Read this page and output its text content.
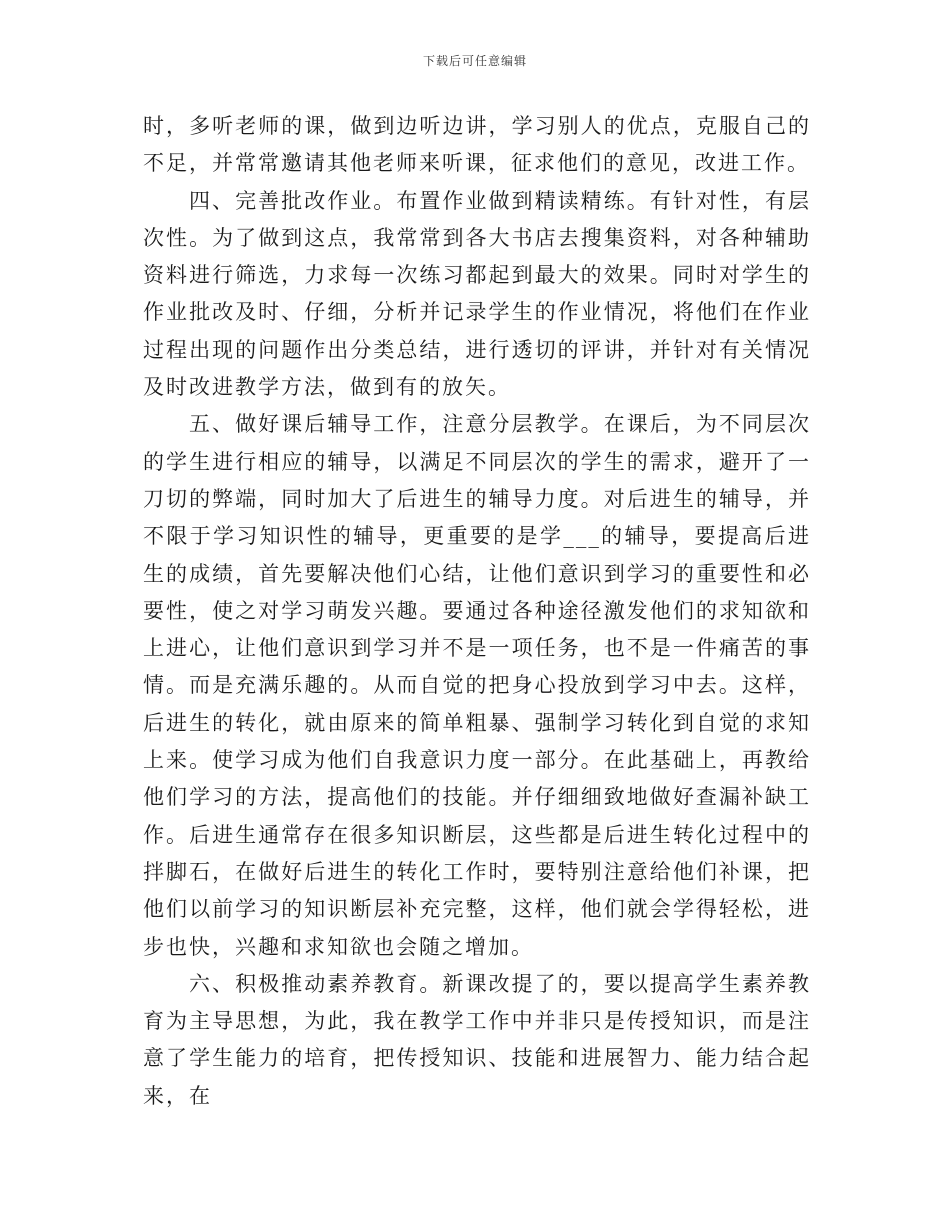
下载后可任意编辑

时，多听老师的课，做到边听边讲，学习别人的优点，克服自己的不足，并常常邀请其他老师来听课，征求他们的意见，改进工作。

四、完善批改作业。布置作业做到精读精练。有针对性，有层次性。为了做到这点，我常常到各大书店去搜集资料，对各种辅助资料进行筛选，力求每一次练习都起到最大的效果。同时对学生的作业批改及时、仔细，分析并记录学生的作业情况，将他们在作业过程出现的问题作出分类总结，进行透切的评讲，并针对有关情况及时改进教学方法，做到有的放矢。

五、做好课后辅导工作，注意分层教学。在课后，为不同层次的学生进行相应的辅导，以满足不同层次的学生的需求，避开了一刀切的弊端，同时加大了后进生的辅导力度。对后进生的辅导，并不限于学习知识性的辅导，更重要的是学___的辅导，要提高后进生的成绩，首先要解决他们心结，让他们意识到学习的重要性和必要性，使之对学习萌发兴趣。要通过各种途径激发他们的求知欲和上进心，让他们意识到学习并不是一项任务，也不是一件痛苦的事情。而是充满乐趣的。从而自觉的把身心投放到学习中去。这样，后进生的转化，就由原来的简单粗暴、强制学习转化到自觉的求知上来。使学习成为他们自我意识力度一部分。在此基础上，再教给他们学习的方法，提高他们的技能。并仔细细致地做好查漏补缺工作。后进生通常存在很多知识断层，这些都是后进生转化过程中的拌脚石，在做好后进生的转化工作时，要特别注意给他们补课，把他们以前学习的知识断层补充完整，这样，他们就会学得轻松，进步也快，兴趣和求知欲也会随之增加。

六、积极推动素养教育。新课改提了的，要以提高学生素养教育为主导思想，为此，我在教学工作中并非只是传授知识，而是注意了学生能力的培育，把传授知识、技能和进展智力、能力结合起来，在
